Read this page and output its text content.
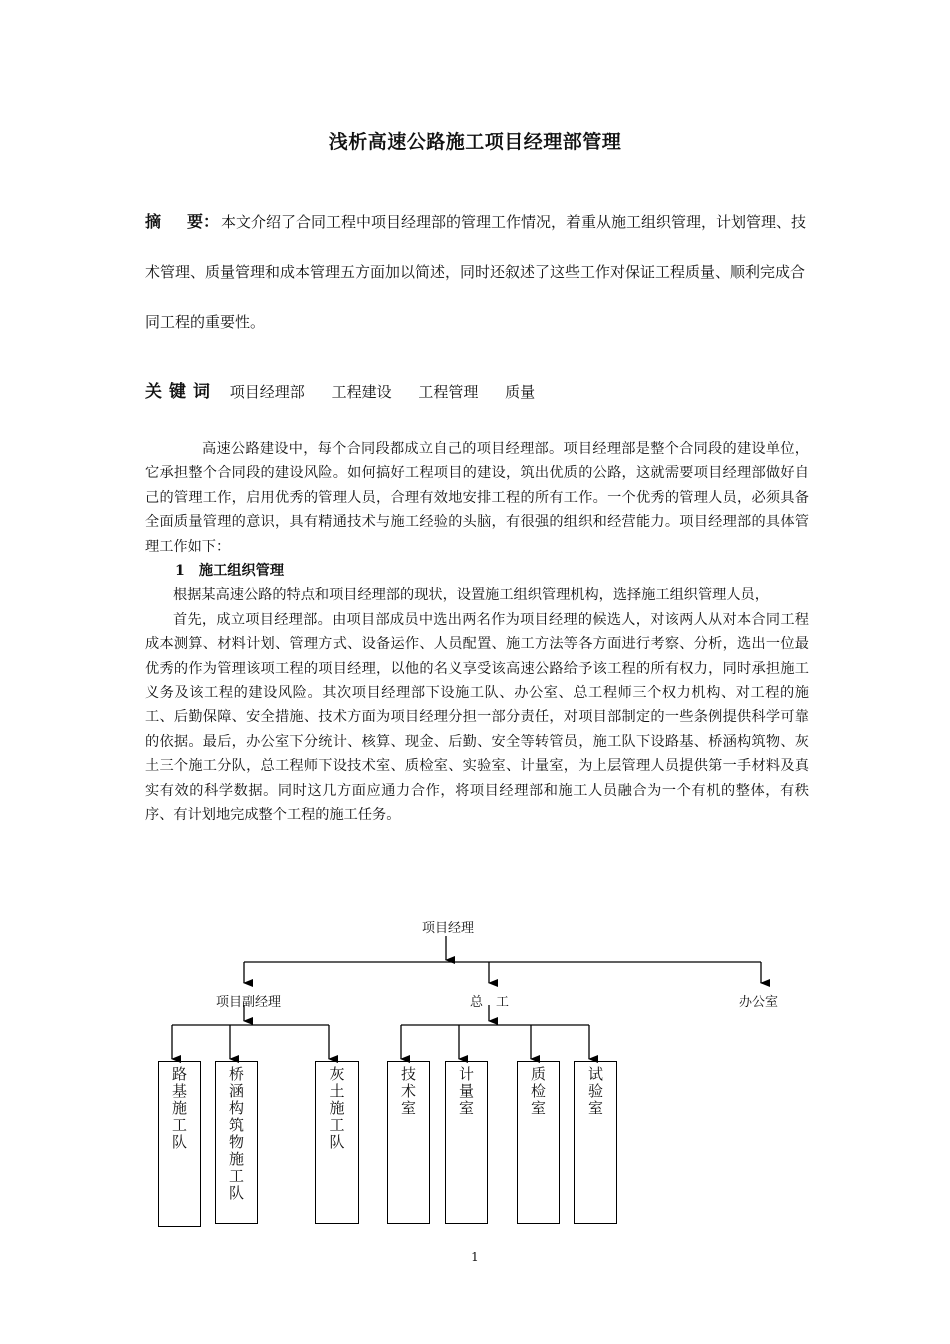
浅析高速公路施工项目经理部管理
摘 要： 本文介绍了合同工程中项目经理部的管理工作情况，着重从施工组织管理，计划管理、技术管理、质量管理和成本管理五方面加以简述，同时还叙述了这些工作对保证工程质量、顺利完成合同工程的重要性。
关键词 项目经理部 工程建设 工程管理 质量

高速公路建设中，每个合同段都成立自己的项目经理部。项目经理部是整个合同段的建设单位，它承担整个合同段的建设风险。如何搞好工程项目的建设，筑出优质的公路，这就需要项目经理部做好自己的管理工作，启用优秀的管理人员，合理有效地安排工程的所有工作。一个优秀的管理人员，必须具备全面质量管理的意识，具有精通技术与施工经验的头脑，有很强的组织和经营能力。项目经理部的具体管理工作如下：

1 施工组织管理

根据某高速公路的特点和项目经理部的现状，设置施工组织管理机构，选择施工组织管理人员，

首先，成立项目经理部。由项目部成员中选出两名作为项目经理的候选人，对该两人从对本合同工程成本测算、材料计划、管理方式、设备运作、人员配置、施工方法等各方面进行考察、分析，选出一位最优秀的作为管理该项工程的项目经理，以他的名义享受该高速公路给予该工程的所有权力，同时承担施工义务及该工程的建设风险。其次项目经理部下设施工队、办公室、总工程师三个权力机构、对工程的施工、后勤保障、安全措施、技术方面为项目经理分担一部分责任，对项目部制定的一些条例提供科学可靠的依据。最后，办公室下分统计、核算、现金、后勤、安全等转管员，施工队下设路基、桥涵构筑物、灰土三个施工分队，总工程师下设技术室、质检室、实验室、计量室，为上层管理人员提供第一手材料及真实有效的科学数据。同时这几方面应通力合作，将项目经理部和施工人员融合为一个有机的整体，有秩序、有计划地完成整个工程的施工任务。

项目经理
项目副经理	总　工	办公室
路基施工队
桥涵构筑物施工队
灰土施工队
技术室
计量室
质检室
试验室
1
